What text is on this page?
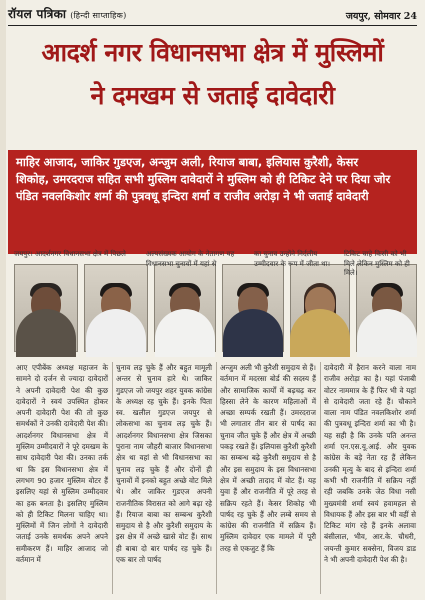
रॉयल पत्रिका (हिन्दी साप्ताहिक)	जयपुर, सोमवार 24
आदर्श नगर विधानसभा क्षेत्र में मुस्लिमों
ने दमखम से जताई दावेदारी

माहिर आजाद, जाकिर गुडएज, अन्जुम अली, रियाज बाबा, इलियास कुरैशी, केसर

शिकोह, उमरदराज सहित सभी मुस्लिम दावेदारों ने मुस्लिम को ही टिकिट देने पर दिया जोर

पंडित नवलकिशोर शर्मा की पुत्रवधू इन्दिरा शर्मा व राजीव अरोड़ा ने भी जताई दावेदारी

जयपुर। आदर्शनगर विधानसभा क्षेत्र में पिछले	अल्पसंख्यक आयोग के नेतागण यह विधानसभा चुनावों में यहां से
का चुनाव उन्होंने निर्दलीय उम्मीदवार के रूप में जीता था।
टिकिट चाहे किसी को भी मिले लेकिन मुस्लिम को ही मिले।
आए एपीबेंक अध्यक्ष महाजन के सामने दो दर्जन से ज्यादा दावेदारों ने अपनी दावेदारी पेश की कुछ दावेदारों ने स्वयं उपस्थित होकर अपनी दावेदारी पेश की तो कुछ समर्थकों ने उनकी दावेदारी पेश की। आदर्शनगर विधानसभा क्षेत्र में मुस्लिम उम्मीदवारों ने पूरे दमखम के साथ दावेदारी पेश की। उनका तर्क था कि इस विधानसभा क्षेत्र में लगभग 90 हजार मुस्लिम वोटर हैं इसलिए यहां से मुस्लिम उम्मीदवार का हक बनता है। इसलिए मुस्लिम को ही टिकिट मिलना चाहिए था। मुस्लिमों में जिन लोगों ने दावेदारी जताई उनके समर्थक अपने अपने समीकरण हैं। माहिर आजाद जो वर्तमान में
चुनाव लड़ चुके हैं और बहुत मामूली अन्तर से चुनाव हारे थे। जाकिर गुडएज जो जयपुर शहर युवक कांग्रेस के अध्यक्ष रह चुके हैं। इनके पिता स्व. खलील गुडएज जयपुर से लोकसभा का चुनाव लड़ चुके हैं। आदर्शनगर विधानसभा क्षेत्र जिसका पुराना नाम जौहरी बाजार विधानसभा क्षेत्र था वहां से भी विधानसभा का चुनाव लड़ चुके हैं और दोनों ही चुनावों में इनको बहुत अच्छे वोट मिले थे। और जाकिर गुडएज अपनी राजनीतिक विरासत को आगे बढ़ा रहे हैं। रियाज बाबा का सम्बन्ध कुरैशी समुदाय से है और कुरैशी समुदाय के इस क्षेत्र में अच्छे खासे वोट हैं। साथ ही बाबा दो बार पार्षद रह चुके हैं। एक बार तो पार्षद
अन्जुम अली भी कुरैशी समुदाय से हैं। वर्तमान में मदरसा बोर्ड की सदस्य हैं और सामाजिक कार्यों में बढ़चढ़ कर हिस्सा लेने के कारण महिलाओं में अच्छा सम्पर्क रखती हैं। उमरदराज भी लगातार तीन बार से पार्षद का चुनाव जीत चुके हैं और क्षेत्र में अच्छी पकड़ रखते हैं। इलियास कुरैशी कुरैशी का सम्बन्ध बढ़े कुरैशी समुदाय से है और इस समुदाय के इस विधानसभा क्षेत्र में अच्छी तादाद में वोट हैं। यह युवा हैं और राजनीति में पूरे तरह से सक्रिय रहते हैं। केसर शिकोह भी पार्षद रह चुके हैं और लम्बे समय से कांग्रेस की राजनीति में सक्रिय हैं। मुस्लिम दावेदार एक मामले में पूरी तरह से एकजुट हैं कि
दावेदारी में हैरान करने वाला नाम राजीव अरोड़ा का है। यहां पंजाबी वोटर नाममात्र के हैं फिर भी वे यहां से दावेदारी जता रहे हैं। चौकाने वाला नाम पंडित नवलकिशोर शर्मा की पुत्रवधू इन्दिरा शर्मा का भी है। यह सही है कि उनके पति अनन्त शर्मा एन.एस.यू.आई. और युवक कांग्रेस के बड़े नेता रह हैं लेकिन उनकी मृत्यु के बाद से इन्दिरा शर्मा कभी भी राजनीति में सक्रिय नहीं रही जबकि उनके जेठ विधा नसी मुख्यमंत्री शर्मा स्वयं हवामहल से विधायक हैं और इस बार भी वहीं से टिकिट मांग रहे हैं इनके अलावा बंसीलाल, भीव, आर.के. चौधरी, जयन्ती कुमार सक्सेना, विजय डाड ने भी अपनी दावेदारी पेश की है।
